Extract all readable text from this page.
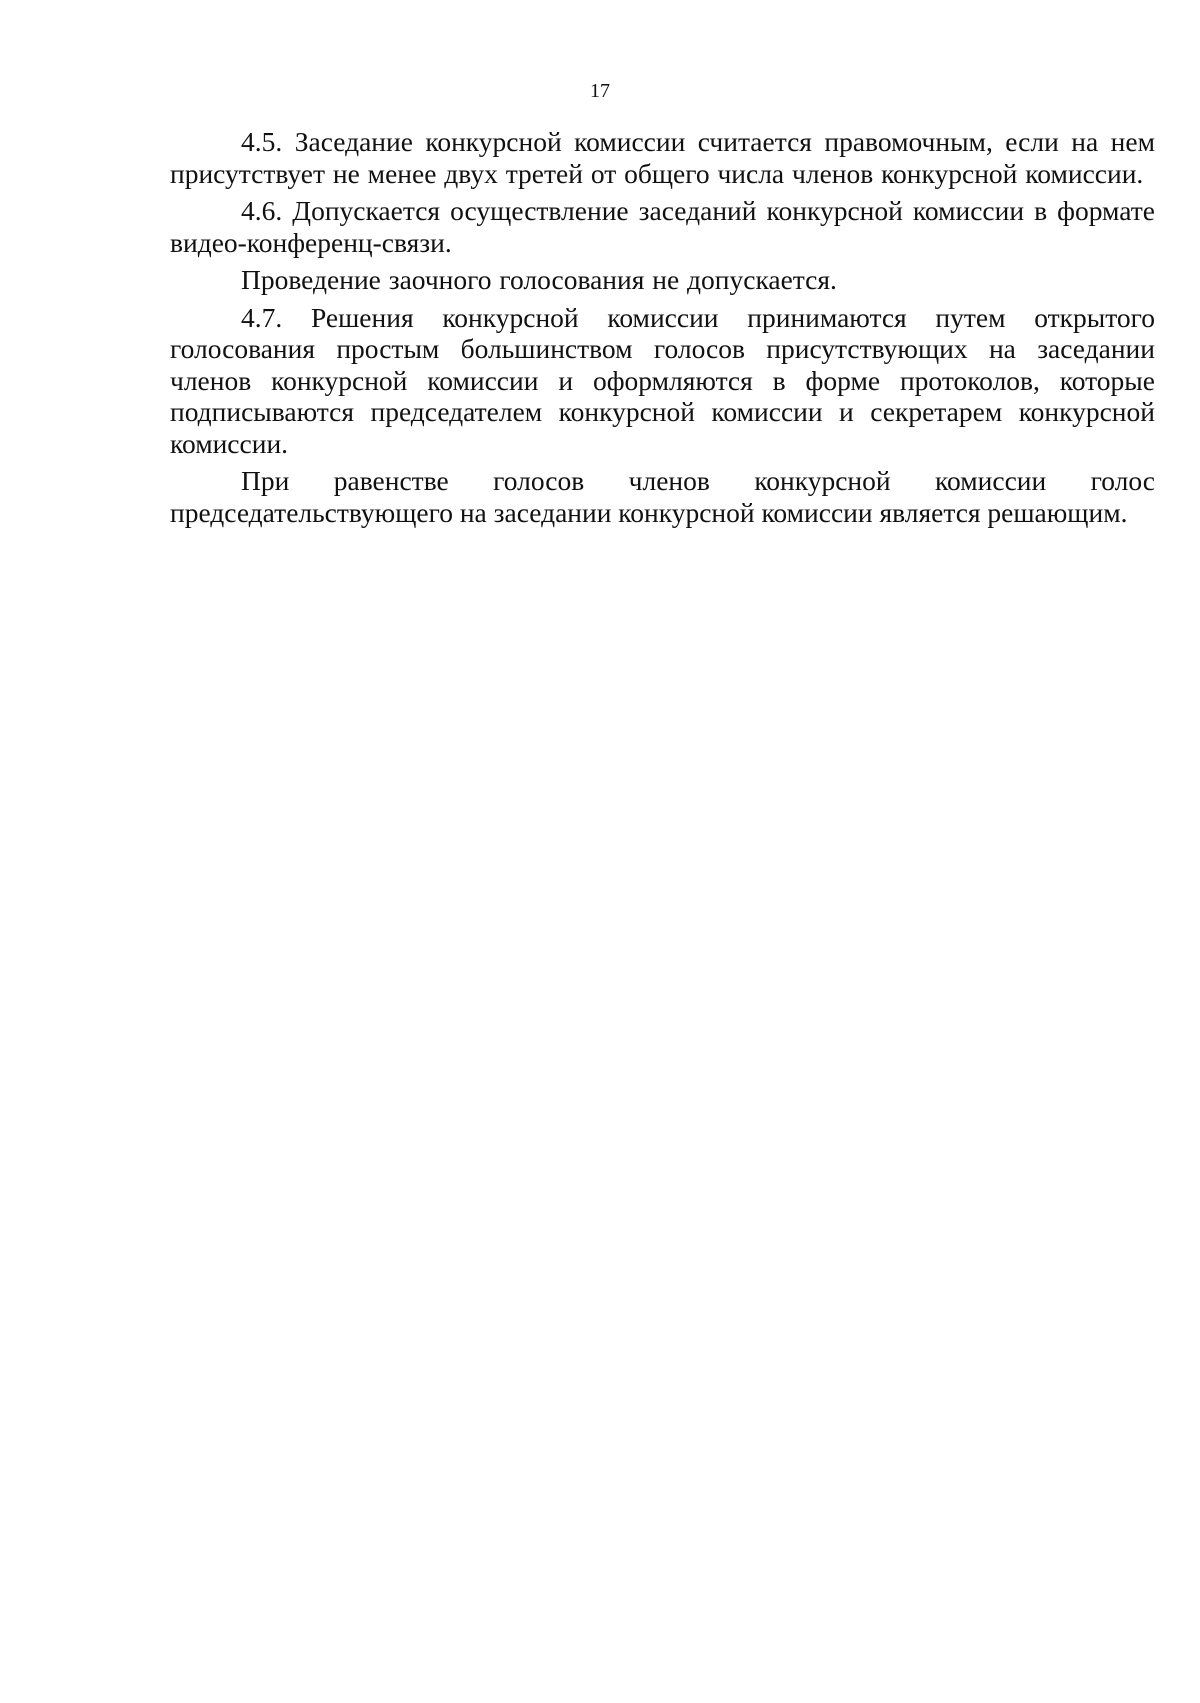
17

4.5. Заседание конкурсной комиссии считается правомочным, если на нем присутствует не менее двух третей от общего числа членов конкурсной комиссии.

4.6. Допускается осуществление заседаний конкурсной комиссии в формате видео-конференц-связи.

Проведение заочного голосования не допускается.

4.7. Решения конкурсной комиссии принимаются путем открытого голосования простым большинством голосов присутствующих на заседании членов конкурсной комиссии и оформляются в форме протоколов, которые подписываются председателем конкурсной комиссии и секретарем конкурсной комиссии.

При равенстве голосов членов конкурсной комиссии голос председательствующего на заседании конкурсной комиссии является решающим.
